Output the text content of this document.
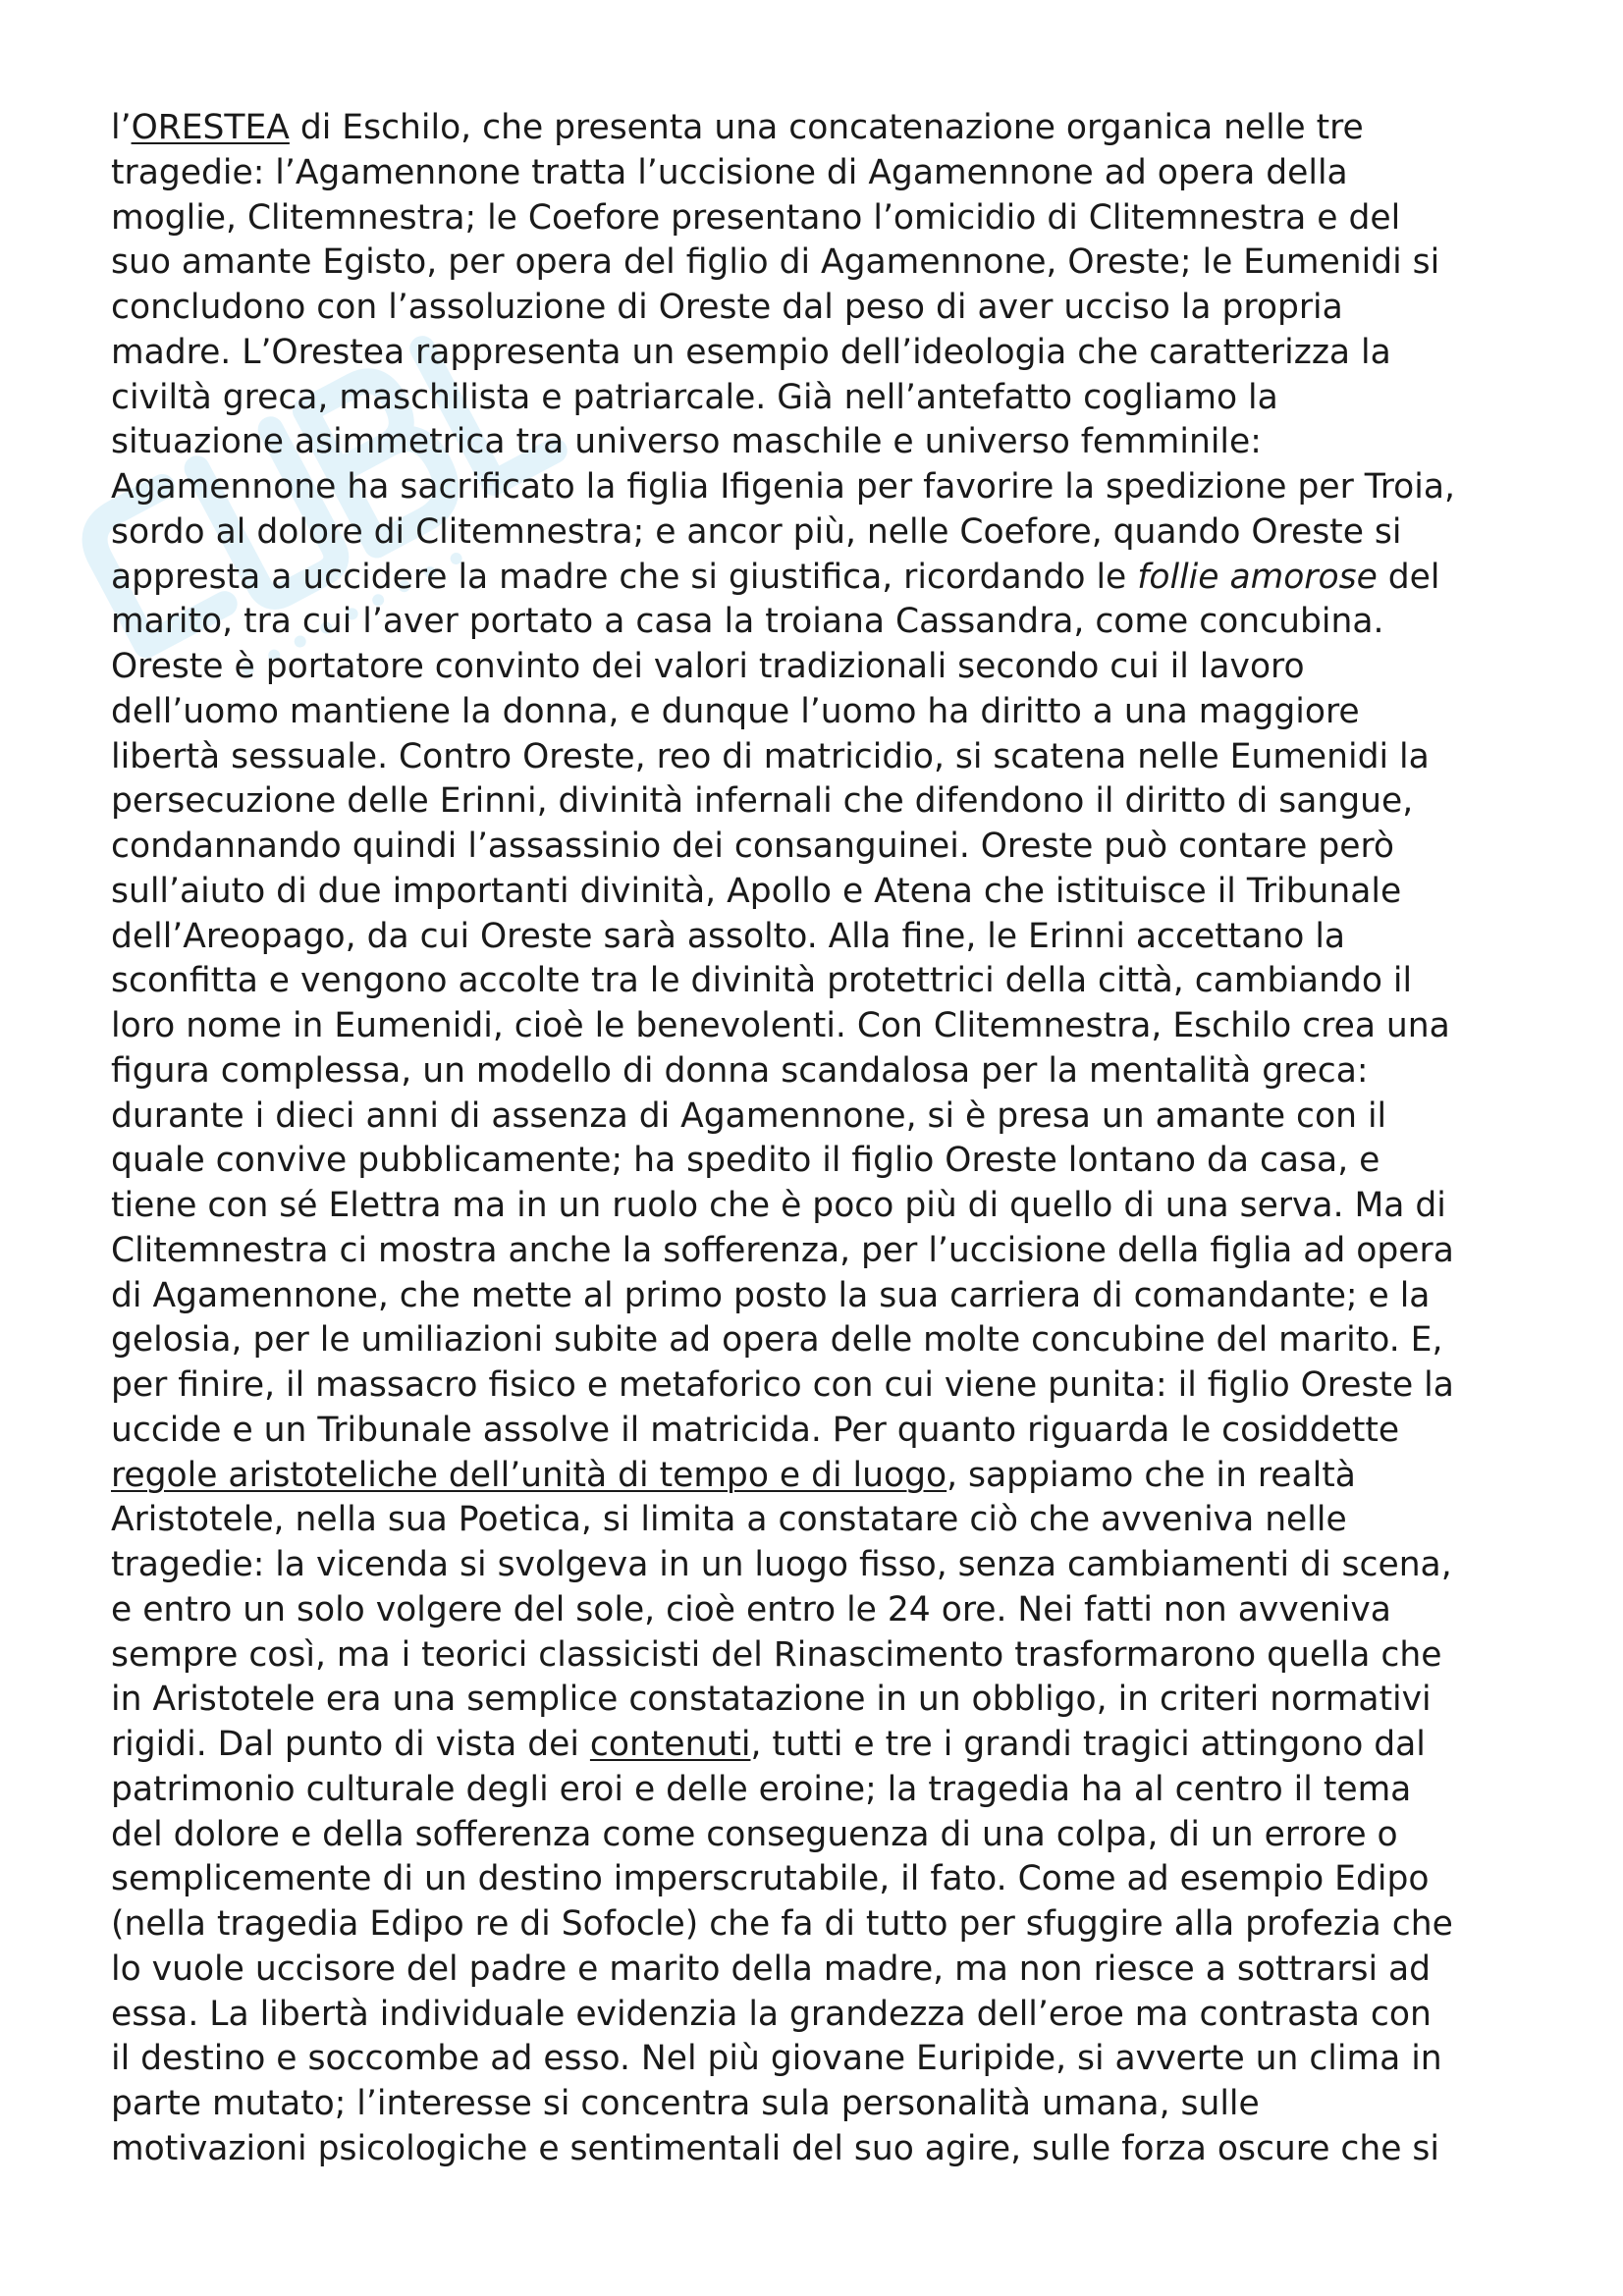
l’ORESTEA di Eschilo, che presenta una concatenazione organica nelle tre
tragedie: l’Agamennone tratta l’uccisione di Agamennone ad opera della
moglie, Clitemnestra; le Coefore presentano l’omicidio di Clitemnestra e del
suo amante Egisto, per opera del figlio di Agamennone, Oreste; le Eumenidi si
concludono con l’assoluzione di Oreste dal peso di aver ucciso la propria
madre. L’Orestea rappresenta un esempio dell’ideologia che caratterizza la
civiltà greca, maschilista e patriarcale. Già nell’antefatto cogliamo la
situazione asimmetrica tra universo maschile e universo femminile:
Agamennone ha sacrificato la figlia Ifigenia per favorire la spedizione per Troia,
sordo al dolore di Clitemnestra; e ancor più, nelle Coefore, quando Oreste si
appresta a uccidere la madre che si giustifica, ricordando le follie amorose del
marito, tra cui l’aver portato a casa la troiana Cassandra, come concubina.
Oreste è portatore convinto dei valori tradizionali secondo cui il lavoro
dell’uomo mantiene la donna, e dunque l’uomo ha diritto a una maggiore
libertà sessuale. Contro Oreste, reo di matricidio, si scatena nelle Eumenidi la
persecuzione delle Erinni, divinità infernali che difendono il diritto di sangue,
condannando quindi l’assassinio dei consanguinei. Oreste può contare però
sull’aiuto di due importanti divinità, Apollo e Atena che istituisce il Tribunale
dell’Areopago, da cui Oreste sarà assolto. Alla fine, le Erinni accettano la
sconfitta e vengono accolte tra le divinità protettrici della città, cambiando il
loro nome in Eumenidi, cioè le benevolenti. Con Clitemnestra, Eschilo crea una
figura complessa, un modello di donna scandalosa per la mentalità greca:
durante i dieci anni di assenza di Agamennone, si è presa un amante con il
quale convive pubblicamente; ha spedito il figlio Oreste lontano da casa, e
tiene con sé Elettra ma in un ruolo che è poco più di quello di una serva. Ma di
Clitemnestra ci mostra anche la sofferenza, per l’uccisione della figlia ad opera
di Agamennone, che mette al primo posto la sua carriera di comandante; e la
gelosia, per le umiliazioni subite ad opera delle molte concubine del marito. E,
per finire, il massacro fisico e metaforico con cui viene punita: il figlio Oreste la
uccide e un Tribunale assolve il matricida. Per quanto riguarda le cosiddette
regole aristoteliche dell’unità di tempo e di luogo, sappiamo che in realtà
Aristotele, nella sua Poetica, si limita a constatare ciò che avveniva nelle
tragedie: la vicenda si svolgeva in un luogo fisso, senza cambiamenti di scena,
e entro un solo volgere del sole, cioè entro le 24 ore. Nei fatti non avveniva
sempre così, ma i teorici classicisti del Rinascimento trasformarono quella che
in Aristotele era una semplice constatazione in un obbligo, in criteri normativi
rigidi. Dal punto di vista dei contenuti, tutti e tre i grandi tragici attingono dal
patrimonio culturale degli eroi e delle eroine; la tragedia ha al centro il tema
del dolore e della sofferenza come conseguenza di una colpa, di un errore o
semplicemente di un destino imperscrutabile, il fato. Come ad esempio Edipo
(nella tragedia Edipo re di Sofocle) che fa di tutto per sfuggire alla profezia che
lo vuole uccisore del padre e marito della madre, ma non riesce a sottrarsi ad
essa. La libertà individuale evidenzia la grandezza dell’eroe ma contrasta con
il destino e soccombe ad esso. Nel più giovane Euripide, si avverte un clima in
parte mutato; l’interesse si concentra sula personalità umana, sulle
motivazioni psicologiche e sentimentali del suo agire, sulle forza oscure che si
